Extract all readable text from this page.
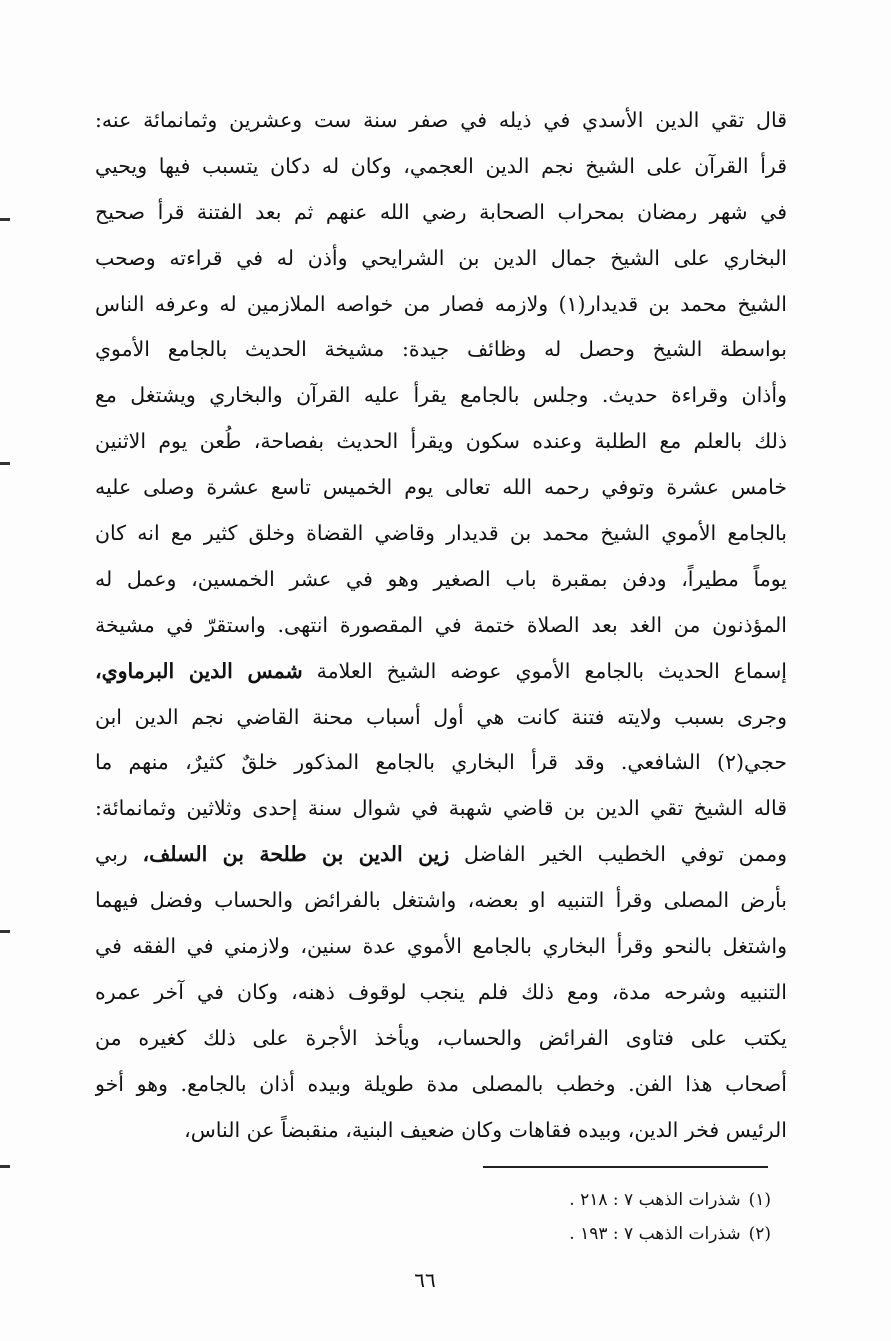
قال تقي الدين الأسدي في ذيله في صفر سنة ست وعشرين وثمانمائة عنه:
قرأ القرآن على الشيخ نجم الدين العجمي، وكان له دكان يتسبب فيها ويحيي
في شهر رمضان بمحراب الصحابة رضي الله عنهم ثم بعد الفتنة قرأ صحيح
البخاري على الشيخ جمال الدين بن الشرايحي وأذن له في قراءته وصحب
الشيخ محمد بن قديدار(١) ولازمه فصار من خواصه الملازمين له وعرفه الناس
بواسطة الشيخ وحصل له وظائف جيدة: مشيخة الحديث بالجامع الأموي
وأذان وقراءة حديث. وجلس بالجامع يقرأ عليه القرآن والبخاري ويشتغل مع
ذلك بالعلم مع الطلبة وعنده سكون ويقرأ الحديث بفصاحة، طُعن يوم الاثنين
خامس عشرة وتوفي رحمه الله تعالى يوم الخميس تاسع عشرة وصلى عليه
بالجامع الأموي الشيخ محمد بن قديدار وقاضي القضاة وخلق كثير مع انه كان
يوماً مطيراً، ودفن بمقبرة باب الصغير وهو في عشر الخمسين، وعمل له
المؤذنون من الغد بعد الصلاة ختمة في المقصورة انتهى. واستقرّ في مشيخة
إسماع الحديث بالجامع الأموي عوضه الشيخ العلامة شمس الدين البرماوي،
وجرى بسبب ولايته فتنة كانت هي أول أسباب محنة القاضي نجم الدين ابن
حجي(٢) الشافعي. وقد قرأ البخاري بالجامع المذكور خلقٌ كثيرٌ، منهم ما
قاله الشيخ تقي الدين بن قاضي شهبة في شوال سنة إحدى وثلاثين وثمانمائة:
وممن توفي الخطيب الخير الفاضل زين الدين بن طلحة بن السلف، ربي
بأرض المصلى وقرأ التنبيه او بعضه، واشتغل بالفرائض والحساب وفضل فيهما
واشتغل بالنحو وقرأ البخاري بالجامع الأموي عدة سنين، ولازمني في الفقه في
التنبيه وشرحه مدة، ومع ذلك فلم ينجب لوقوف ذهنه، وكان في آخر عمره
يكتب على فتاوى الفرائض والحساب، ويأخذ الأجرة على ذلك كغيره من
أصحاب هذا الفن. وخطب بالمصلى مدة طويلة وبيده أذان بالجامع. وهو أخو
الرئيس فخر الدين، وبيده فقاهات وكان ضعيف البنية، منقبضاً عن الناس،
(١)شذرات الذهب ٧ : ٢١٨ .
(٢)شذرات الذهب ٧ : ١٩٣ .
٦٦
